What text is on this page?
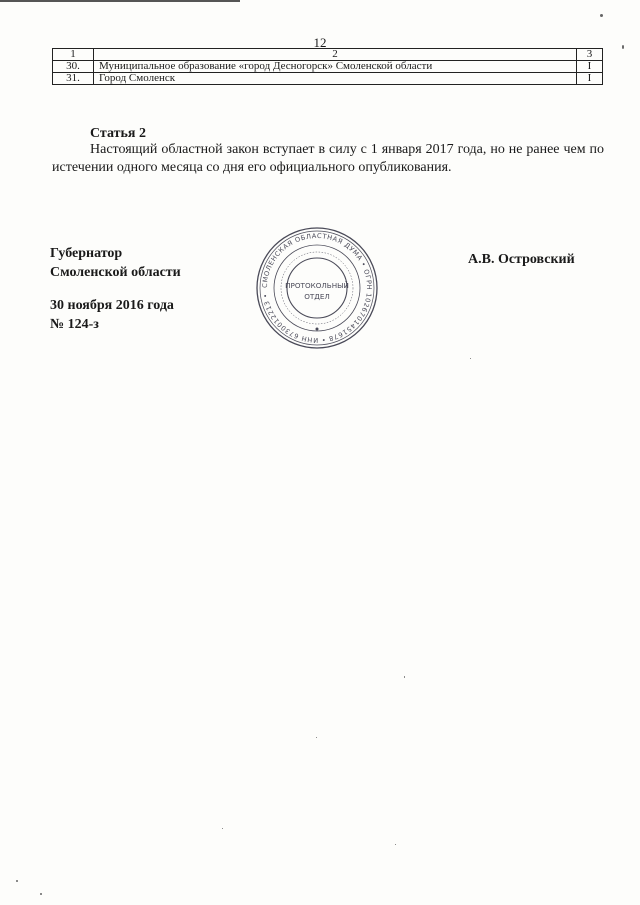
12
1	2	3
30.	Муниципальное образование «город Десногорск» Смоленской области	I
31.	Город Смоленск	I
Статья 2
Настоящий областной закон вступает в силу с 1 января 2017 года, но не ранее чем по истечении одного месяца со дня его официального опубликования.
Губернатор
Смоленской области
30 ноября 2016 года
№ 124-з
А.В. Островский
СМОЛЕНСКАЯ ОБЛАСТНАЯ ДУМА • ОГРН 1026701451678 • ИНН 6730012213 •
ПРОТОКОЛЬНЫЙ
ОТДЕЛ
